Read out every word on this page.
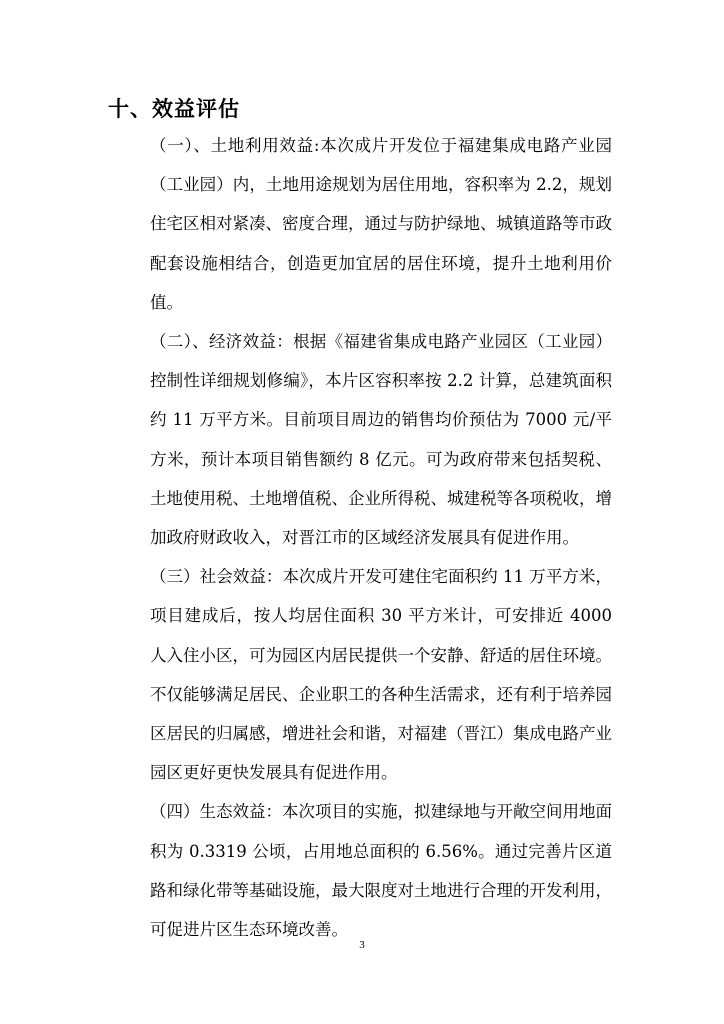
十、效益评估

（一）、土地利用效益:本次成片开发位于福建集成电路产业园（工业园）内，土地用途规划为居住用地，容积率为 2.2，规划住宅区相对紧凑、密度合理，通过与防护绿地、城镇道路等市政配套设施相结合，创造更加宜居的居住环境，提升土地利用价值。

（二）、经济效益：根据《福建省集成电路产业园区（工业园）控制性详细规划修编》，本片区容积率按 2.2 计算，总建筑面积约 11 万平方米。目前项目周边的销售均价预估为 7000 元/平方米，预计本项目销售额约 8 亿元。可为政府带来包括契税、土地使用税、土地增值税、企业所得税、城建税等各项税收，增加政府财政收入，对晋江市的区域经济发展具有促进作用。

（三）社会效益：本次成片开发可建住宅面积约 11 万平方米，项目建成后，按人均居住面积 30 平方米计，可安排近 4000 人入住小区，可为园区内居民提供一个安静、舒适的居住环境。不仅能够满足居民、企业职工的各种生活需求，还有利于培养园区居民的归属感，增进社会和谐，对福建（晋江）集成电路产业园区更好更快发展具有促进作用。

（四）生态效益：本次项目的实施，拟建绿地与开敞空间用地面积为 0.3319 公顷，占用地总面积的 6.56%。通过完善片区道路和绿化带等基础设施，最大限度对土地进行合理的开发利用，可促进片区生态环境改善。

3
